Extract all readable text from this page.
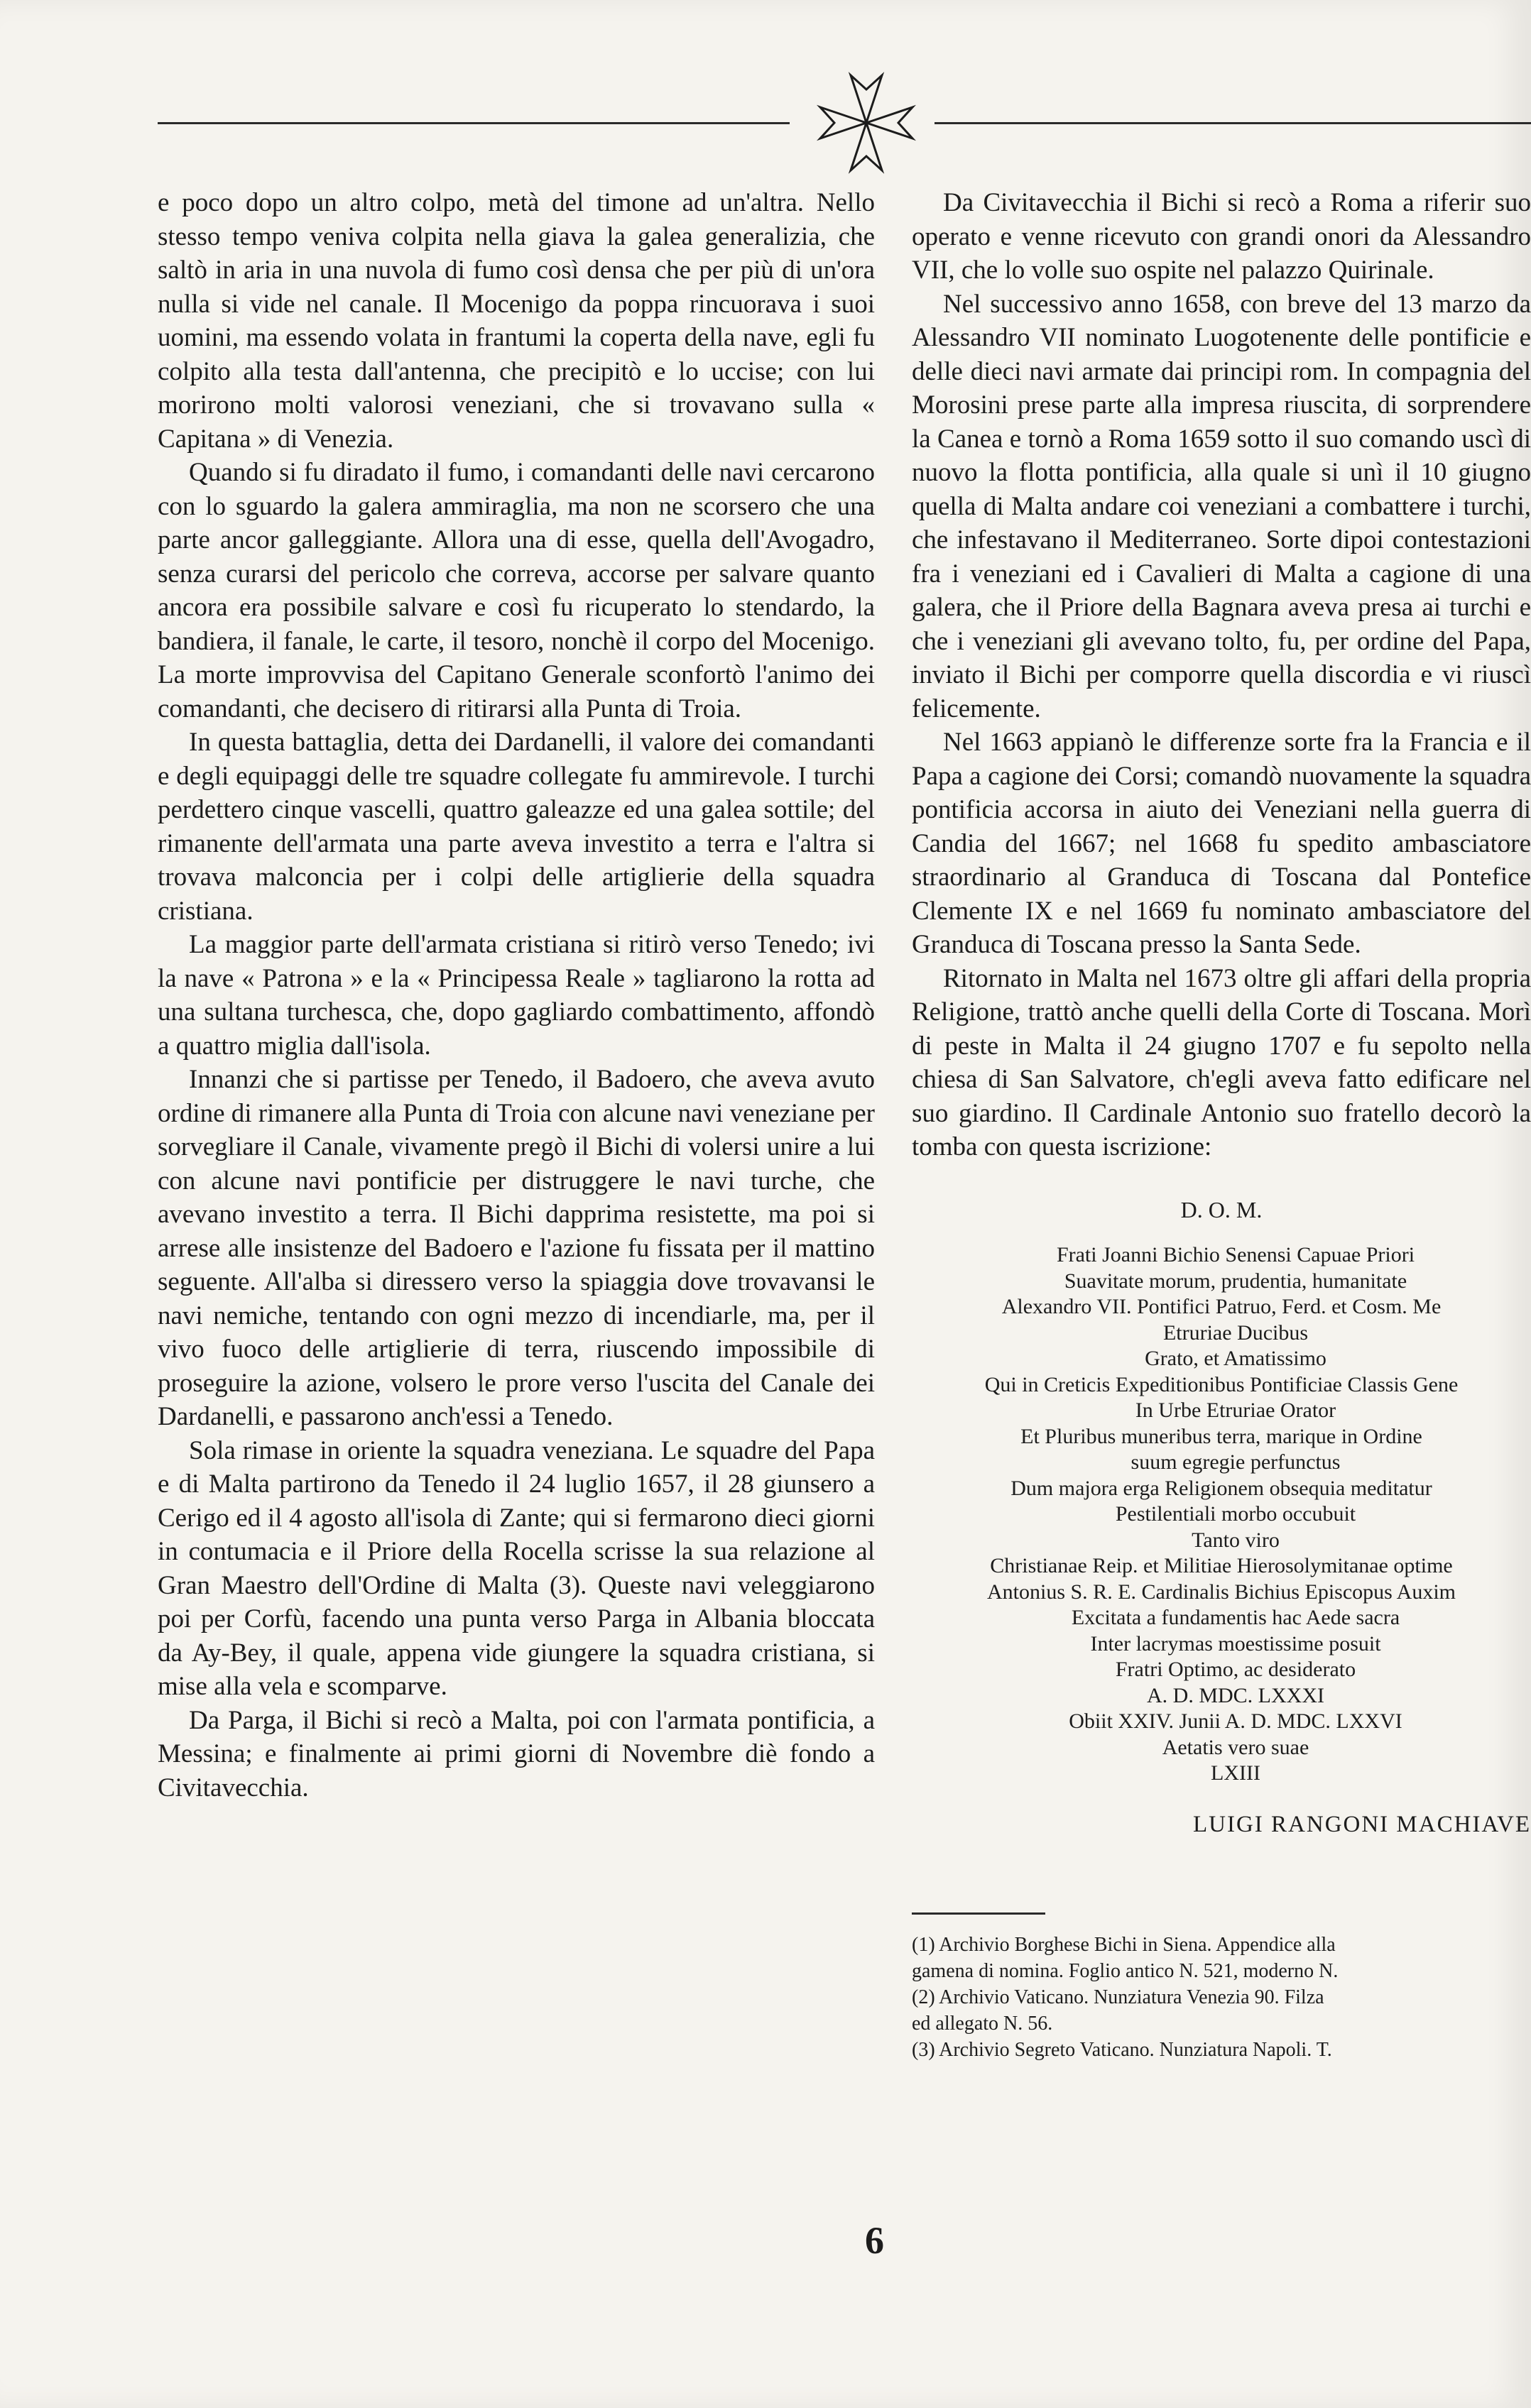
e poco dopo un altro colpo, metà del timone ad un'altra. Nello stesso tempo veniva colpita nella giava la galea generalizia, che saltò in aria in una nuvola di fumo così densa che per più di un'ora nulla si vide nel canale. Il Mocenigo da poppa rincuorava i suoi uomini, ma essendo volata in frantumi la coperta della nave, egli fu colpito alla testa dall'antenna, che precipitò e lo uccise; con lui morirono molti valorosi veneziani, che si trovavano sulla « Capitana » di Venezia.

Quando si fu diradato il fumo, i comandanti delle navi cercarono con lo sguardo la galera ammiraglia, ma non ne scorsero che una parte ancor galleggiante. Allora una di esse, quella dell'Avogadro, senza curarsi del pericolo che correva, accorse per salvare quanto ancora era possibile salvare e così fu ricuperato lo stendardo, la bandiera, il fanale, le carte, il tesoro, nonchè il corpo del Mocenigo. La morte improvvisa del Capitano Generale sconfortò l'animo dei comandanti, che decisero di ritirarsi alla Punta di Troia.

In questa battaglia, detta dei Dardanelli, il valore dei comandanti e degli equipaggi delle tre squadre collegate fu ammirevole. I turchi perdettero cinque vascelli, quattro galeazze ed una galea sottile; del rimanente dell'armata una parte aveva investito a terra e l'altra si trovava malconcia per i colpi delle artiglierie della squadra cristiana.

La maggior parte dell'armata cristiana si ritirò verso Tenedo; ivi la nave « Patrona » e la « Principessa Reale » tagliarono la rotta ad una sultana turchesca, che, dopo gagliardo combattimento, affondò a quattro miglia dall'isola.

Innanzi che si partisse per Tenedo, il Badoero, che aveva avuto ordine di rimanere alla Punta di Troia con alcune navi veneziane per sorvegliare il Canale, vivamente pregò il Bichi di volersi unire a lui con alcune navi pontificie per distruggere le navi turche, che avevano investito a terra. Il Bichi dapprima resistette, ma poi si arrese alle insistenze del Badoero e l'azione fu fissata per il mattino seguente. All'alba si diressero verso la spiaggia dove trovavansi le navi nemiche, tentando con ogni mezzo di incendiarle, ma, per il vivo fuoco delle artiglierie di terra, riuscendo impossibile di proseguire la azione, volsero le prore verso l'uscita del Canale dei Dardanelli, e passarono anch'essi a Tenedo.

Sola rimase in oriente la squadra veneziana. Le squadre del Papa e di Malta partirono da Tenedo il 24 luglio 1657, il 28 giunsero a Cerigo ed il 4 agosto all'isola di Zante; qui si fermarono dieci giorni in contumacia e il Priore della Rocella scrisse la sua relazione al Gran Maestro dell'Ordine di Malta (3). Queste navi veleggiarono poi per Corfù, facendo una punta verso Parga in Albania bloccata da Ay-Bey, il quale, appena vide giungere la squadra cristiana, si mise alla vela e scomparve.

Da Parga, il Bichi si recò a Malta, poi con l'armata pontificia, a Messina; e finalmente ai primi giorni di Novembre diè fondo a Civitavecchia.

Da Civitavecchia il Bichi si recò a Roma a riferir suo operato e venne ricevuto con grandi onori da Alessandro VII, che lo volle suo ospite nel palazzo Quirinale.

Nel successivo anno 1658, con breve del 13 marzo da Alessandro VII nominato Luogotenente delle pontificie e delle dieci navi armate dai principi rom. In compagnia del Morosini prese parte alla impresa riuscita, di sorprendere la Canea e tornò a Roma 1659 sotto il suo comando uscì di nuovo la flotta pontificia, alla quale si unì il 10 giugno quella di Malta andare coi veneziani a combattere i turchi, che infestavano il Mediterraneo. Sorte dipoi contestazioni fra i veneziani ed i Cavalieri di Malta a cagione di una galera, che il Priore della Bagnara aveva presa ai turchi e che i veneziani gli avevano tolto, fu, per ordine del Papa, inviato il Bichi per comporre quella discordia e vi riuscì felicemente.

Nel 1663 appianò le differenze sorte fra la Francia e il Papa a cagione dei Corsi; comandò nuovamente la squadra pontificia accorsa in aiuto dei Veneziani nella guerra di Candia del 1667; nel 1668 fu spedito ambasciatore straordinario al Granduca di Toscana dal Pontefice Clemente IX e nel 1669 fu nominato ambasciatore del Granduca di Toscana presso la Santa Sede.

Ritornato in Malta nel 1673 oltre gli affari della propria Religione, trattò anche quelli della Corte di Toscana. Morì di peste in Malta il 24 giugno 1707 e fu sepolto nella chiesa di San Salvatore, ch'egli aveva fatto edificare nel suo giardino. Il Cardinale Antonio suo fratello decorò la tomba con questa iscrizione:

D. O. M.
Frati Joanni Bichio Senensi Capuae Priori
Suavitate morum, prudentia, humanitate
Alexandro VII. Pontifici Patruo, Ferd. et Cosm. Me
Etruriae Ducibus
Grato, et Amatissimo
Qui in Creticis Expeditionibus Pontificiae Classis Gene
In Urbe Etruriae Orator
Et Pluribus muneribus terra, marique in Ordine
suum egregie perfunctus
Dum majora erga Religionem obsequia meditatur
Pestilentiali morbo occubuit
Tanto viro
Christianae Reip. et Militiae Hierosolymitanae optime
Antonius S. R. E. Cardinalis Bichius Episcopus Auxim
Excitata a fundamentis hac Aede sacra
Inter lacrymas moestissime posuit
Fratri Optimo, ac desiderato
A. D. MDC. LXXXI
Obiit XXIV. Junii A. D. MDC. LXXVI
Aetatis vero suae
LXIII
LUIGI RANGONI MACHIAVE
(1) Archivio Borghese Bichi in Siena. Appendice alla
gamena di nomina. Foglio antico N. 521, moderno N.
(2) Archivio Vaticano. Nunziatura Venezia 90. Filza
ed allegato N. 56.
(3) Archivio Segreto Vaticano. Nunziatura Napoli. T.
6
